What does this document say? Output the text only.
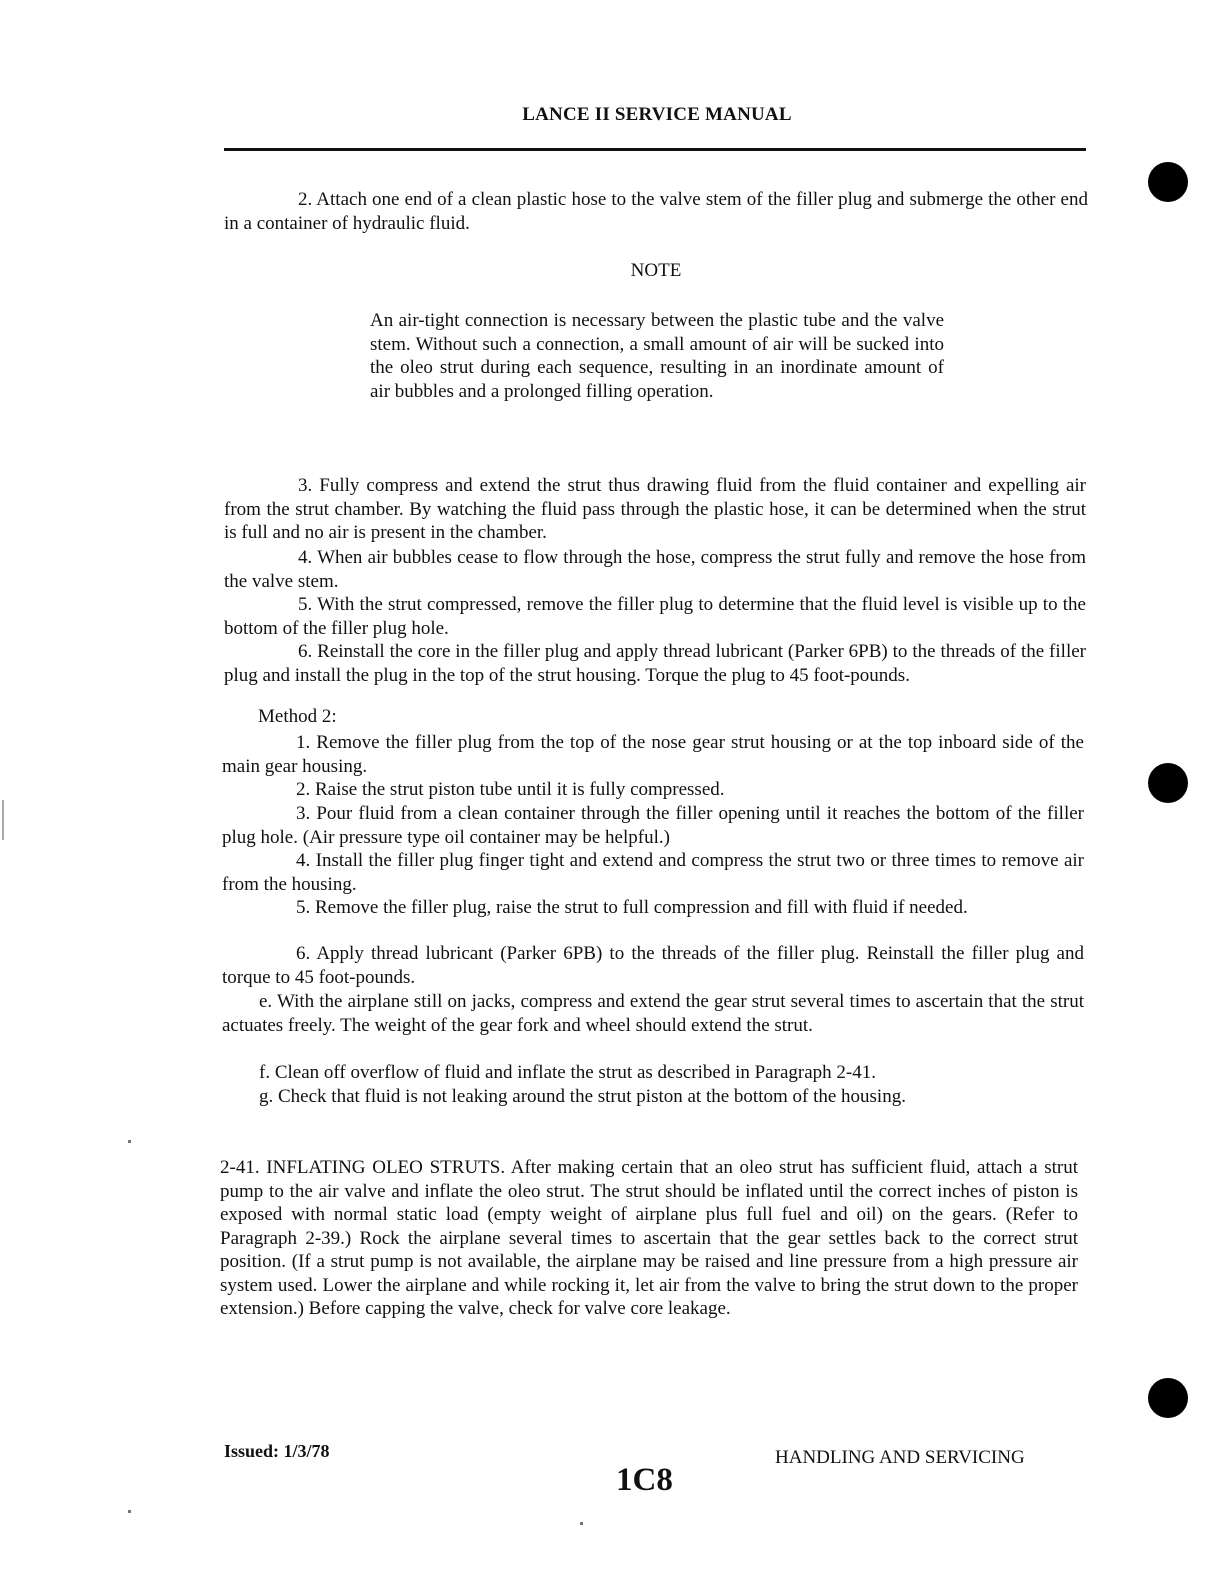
LANCE II SERVICE MANUAL

2. Attach one end of a clean plastic hose to the valve stem of the filler plug and submerge the other end in a container of hydraulic fluid.

NOTE

An air-tight connection is necessary between the plastic tube and the valve stem. Without such a connection, a small amount of air will be sucked into the oleo strut during each sequence, resulting in an inordinate amount of air bubbles and a prolonged filling operation.

3. Fully compress and extend the strut thus drawing fluid from the fluid container and expelling air from the strut chamber. By watching the fluid pass through the plastic hose, it can be determined when the strut is full and no air is present in the chamber.

4. When air bubbles cease to flow through the hose, compress the strut fully and remove the hose from the valve stem.

5. With the strut compressed, remove the filler plug to determine that the fluid level is visible up to the bottom of the filler plug hole.

6. Reinstall the core in the filler plug and apply thread lubricant (Parker 6PB) to the threads of the filler plug and install the plug in the top of the strut housing. Torque the plug to 45 foot-pounds.

Method 2:

1. Remove the filler plug from the top of the nose gear strut housing or at the top inboard side of the main gear housing.

2. Raise the strut piston tube until it is fully compressed.

3. Pour fluid from a clean container through the filler opening until it reaches the bottom of the filler plug hole. (Air pressure type oil container may be helpful.)

4. Install the filler plug finger tight and extend and compress the strut two or three times to remove air from the housing.

5. Remove the filler plug, raise the strut to full compression and fill with fluid if needed.

6. Apply thread lubricant (Parker 6PB) to the threads of the filler plug. Reinstall the filler plug and torque to 45 foot-pounds.

e. With the airplane still on jacks, compress and extend the gear strut several times to ascertain that the strut actuates freely. The weight of the gear fork and wheel should extend the strut.

f. Clean off overflow of fluid and inflate the strut as described in Paragraph 2-41.

g. Check that fluid is not leaking around the strut piston at the bottom of the housing.

2-41. INFLATING OLEO STRUTS. After making certain that an oleo strut has sufficient fluid, attach a strut pump to the air valve and inflate the oleo strut. The strut should be inflated until the correct inches of piston is exposed with normal static load (empty weight of airplane plus full fuel and oil) on the gears. (Refer to Paragraph 2-39.) Rock the airplane several times to ascertain that the gear settles back to the correct strut position. (If a strut pump is not available, the airplane may be raised and line pressure from a high pressure air system used. Lower the airplane and while rocking it, let air from the valve to bring the strut down to the proper extension.) Before capping the valve, check for valve core leakage.

Issued: 1/3/78	HANDLING AND SERVICING
1C8
